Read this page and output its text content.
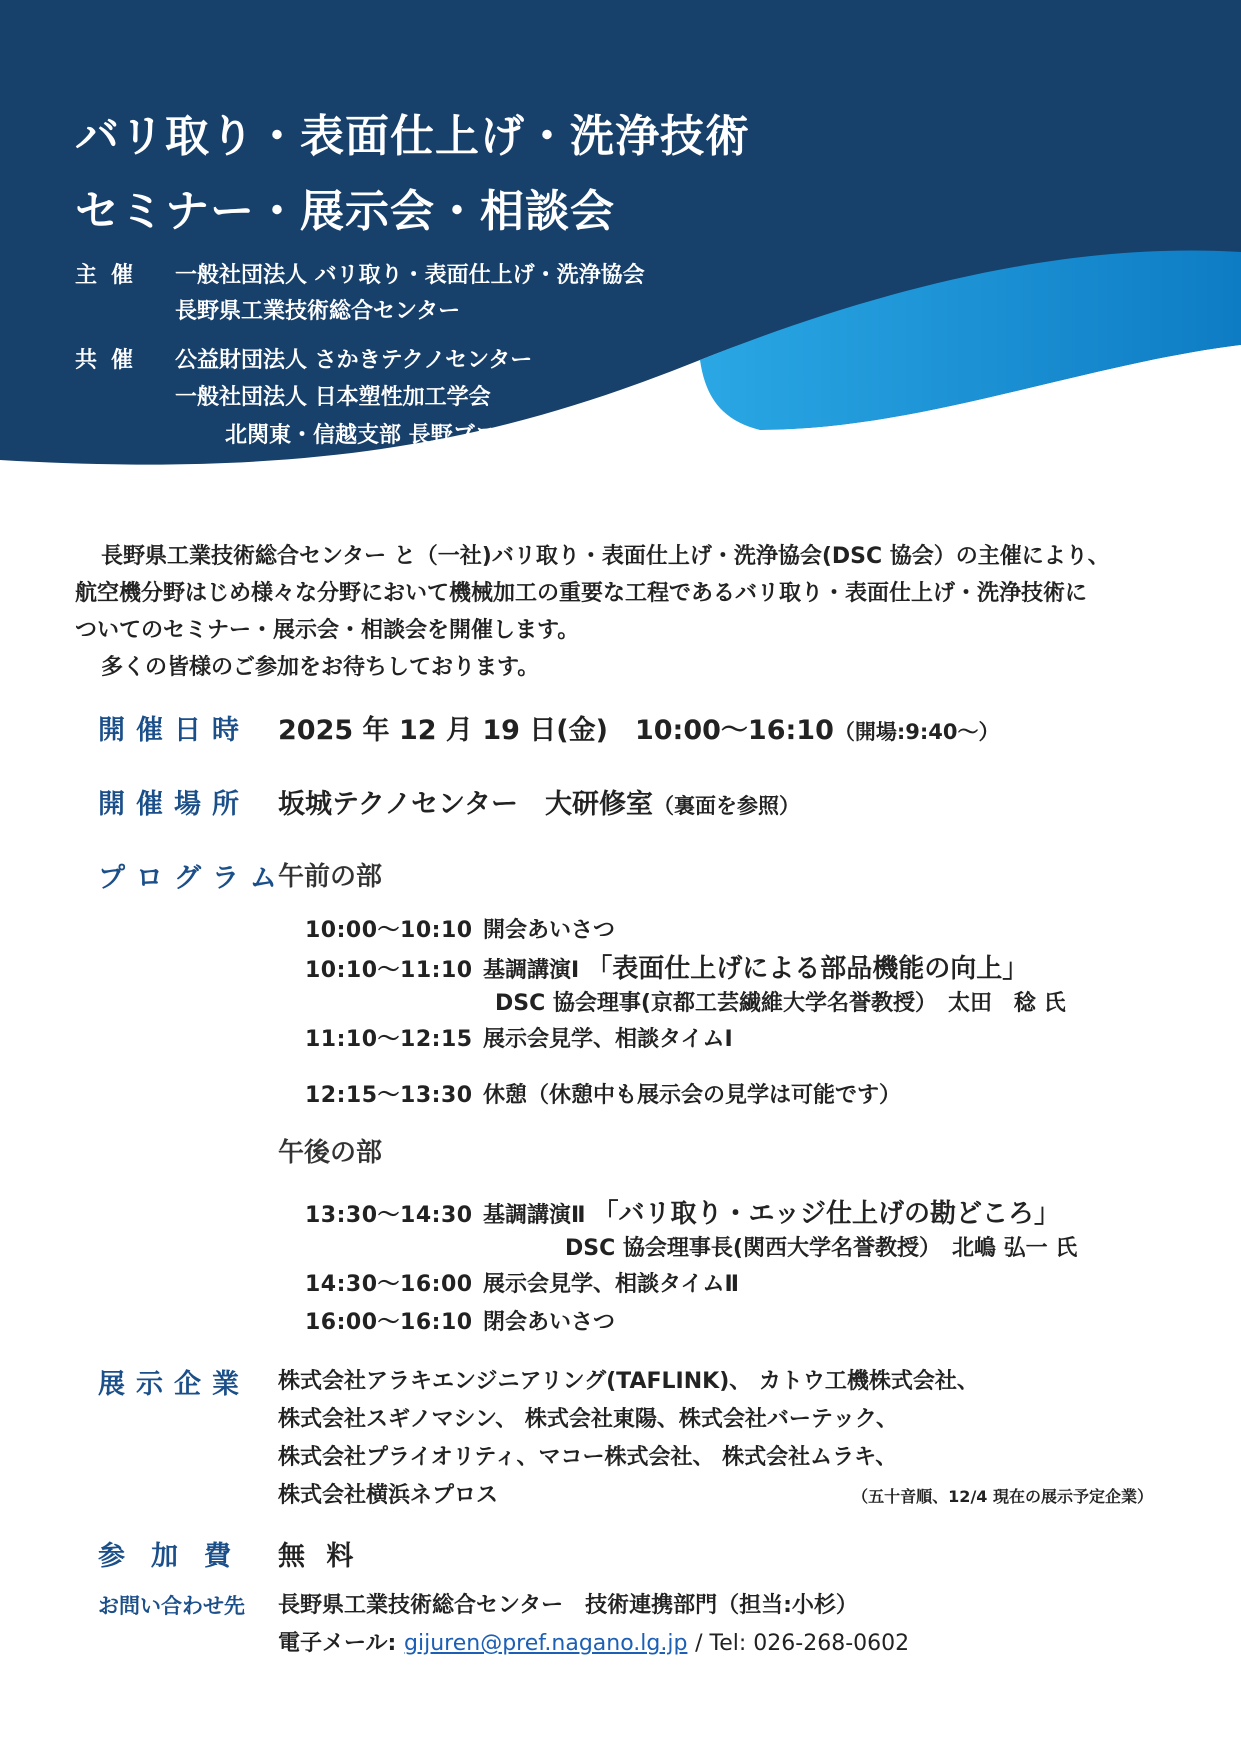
バリ取り・表面仕上げ・洗浄技術
セミナー・展示会・相談会
主催	一般社団法人 バリ取り・表面仕上げ・洗浄協会
長野県工業技術総合センター
共催	公益財団法人 さかきテクノセンター
一般社団法人 日本塑性加工学会
北関東・信越支部 長野ブロック

長野県工業技術総合センター と（一社)バリ取り・表面仕上げ・洗浄協会(DSC 協会）の主催により、

航空機分野はじめ様々な分野において機械加工の重要な工程であるバリ取り・表面仕上げ・洗浄技術に

ついてのセミナー・展示会・相談会を開催します。

多くの皆様のご参加をお待ちしております。

開催日時 2025 年 12 月 19 日(金)　10:00～16:10（開場:9:40～）
開催場所 坂城テクノセンター　大研修室（裏面を参照）
プログラム
午前の部
10:00～10:10 開会あいさつ
10:10～11:10 基調講演Ⅰ 「表面仕上げによる部品機能の向上」
DSC 協会理事(京都工芸繊維大学名誉教授）　太田　稔 氏
11:10～12:15 展示会見学、相談タイムⅠ
12:15～13:30 休憩（休憩中も展示会の見学は可能です）
午後の部
13:30～14:30 基調講演Ⅱ 「バリ取り・エッジ仕上げの勘どころ」
DSC 協会理事長(関西大学名誉教授）　北嶋 弘一 氏
14:30～16:00 展示会見学、相談タイムⅡ
16:00～16:10 閉会あいさつ
展示企業 株式会社アラキエンジニアリング(TAFLINK)、 カトウ工機株式会社、
株式会社スギノマシン、 株式会社東陽、株式会社バーテック、
株式会社プライオリティ、マコー株式会社、 株式会社ムラキ、
株式会社横浜ネプロス	（五十音順、12/4 現在の展示予定企業）
参加費 無 料
お問い合わせ先 長野県工業技術総合センター　技術連携部門（担当:小杉）
電子メール: gijuren@pref.nagano.lg.jp / Tel: 026-268-0602
